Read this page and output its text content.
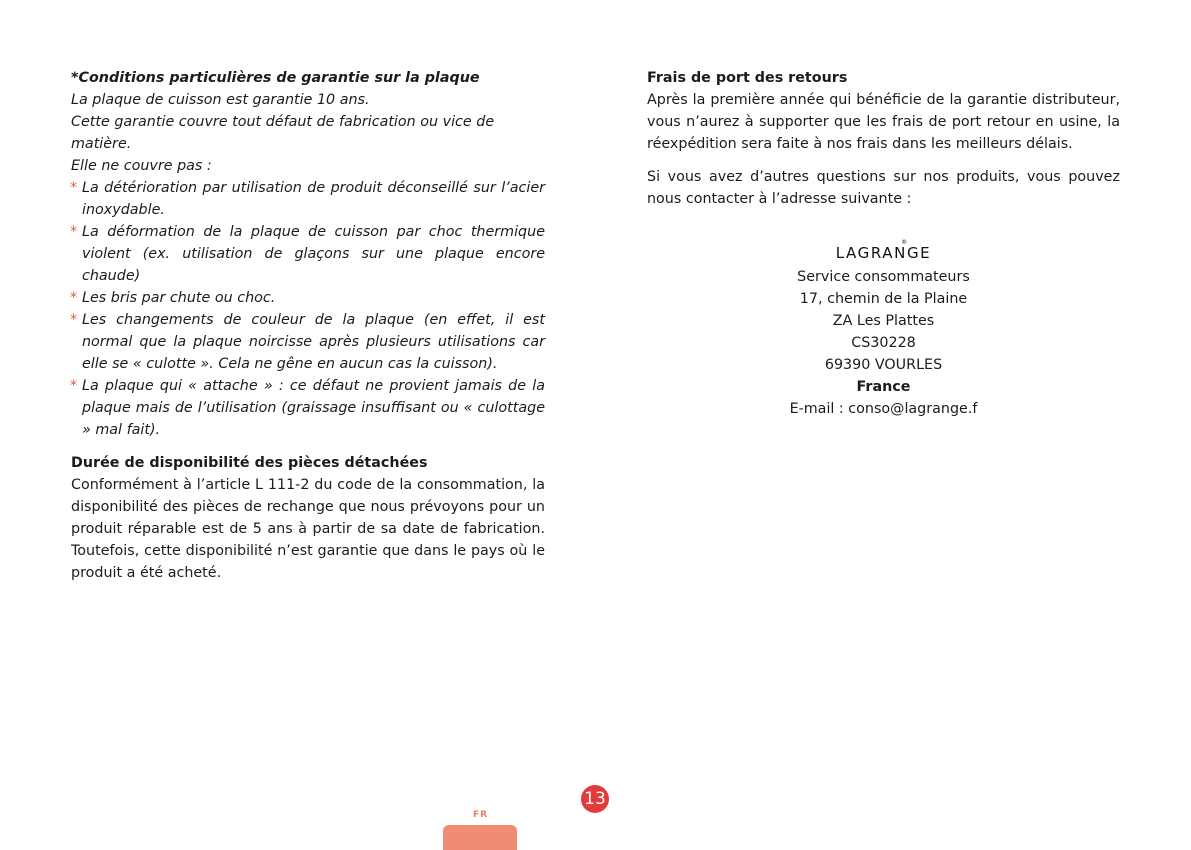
*Conditions particulières de garantie sur la plaque

La plaque de cuisson est garantie 10 ans.

Cette garantie couvre tout défaut de fabrication ou vice de matière.

Elle ne couvre pas :

* La détérioration par utilisation de produit déconseillé sur l’acier inoxydable.
* La déformation de la plaque de cuisson par choc thermique violent (ex. utilisation de glaçons sur une plaque encore chaude)
* Les bris par chute ou choc.
* Les changements de couleur de la plaque (en effet, il est normal que la plaque noircisse après plusieurs utilisations car elle se « culotte ». Cela ne gêne en aucun cas la cuisson).
* La plaque qui « attache » : ce défaut ne provient jamais de la plaque mais de l’utilisation (graissage insuffisant ou « culottage » mal fait).

Durée de disponibilité des pièces détachées

Conformément à l’article L 111-2 du code de la consommation, la disponibilité des pièces de rechange que nous prévoyons pour un produit réparable est de 5 ans à partir de sa date de fabrication. Toutefois, cette disponibilité n’est garantie que dans le pays où le produit a été acheté.

Frais de port des retours

Après la première année qui bénéficie de la garantie distributeur, vous n’aurez à supporter que les frais de port retour en usine, la réexpédition sera faite à nos frais dans les meilleurs délais.

Si vous avez d’autres questions sur nos produits, vous pouvez nous contacter à l’adresse suivante :

LAGRANGE
®

Service consommateurs

17, chemin de la Plaine

ZA Les Plattes

CS30228

69390 VOURLES

France

E-mail : conso@lagrange.f

13
FR
